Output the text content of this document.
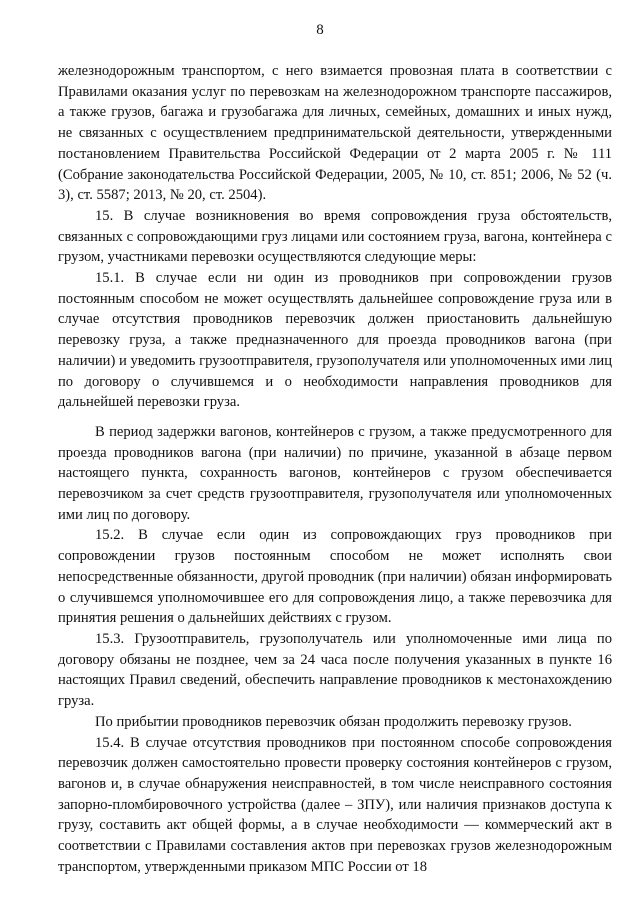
8

железнодорожным транспортом, с него взимается провозная плата в соответствии с Правилами оказания услуг по перевозкам на железнодорожном транспорте пассажиров, а также грузов, багажа и грузобагажа для личных, семейных, домашних и иных нужд, не связанных с осуществлением предпринимательской деятельности, утвержденными постановлением Правительства Российской Федерации от 2 марта 2005 г. № 111 (Собрание законодательства Российской Федерации, 2005, № 10, ст. 851; 2006, № 52 (ч. 3), ст. 5587; 2013, № 20, ст. 2504).

15. В случае возникновения во время сопровождения груза обстоятельств, связанных с сопровождающими груз лицами или состоянием груза, вагона, контейнера с грузом, участниками перевозки осуществляются следующие меры:

15.1. В случае если ни один из проводников при сопровождении грузов постоянным способом не может осуществлять дальнейшее сопровождение груза или в случае отсутствия проводников перевозчик должен приостановить дальнейшую перевозку груза, а также предназначенного для проезда проводников вагона (при наличии) и уведомить грузоотправителя, грузополучателя или уполномоченных ими лиц по договору о случившемся и о необходимости направления проводников для дальнейшей перевозки груза.

В период задержки вагонов, контейнеров с грузом, а также предусмотренного для проезда проводников вагона (при наличии) по причине, указанной в абзаце первом настоящего пункта, сохранность вагонов, контейнеров с грузом обеспечивается перевозчиком за счет средств грузоотправителя, грузополучателя или уполномоченных ими лиц по договору.

15.2. В случае если один из сопровождающих груз проводников при сопровождении грузов постоянным способом не может исполнять свои непосредственные обязанности, другой проводник (при наличии) обязан информировать о случившемся уполномочившее его для сопровождения лицо, а также перевозчика для принятия решения о дальнейших действиях с грузом.

15.3. Грузоотправитель, грузополучатель или уполномоченные ими лица по договору обязаны не позднее, чем за 24 часа после получения указанных в пункте 16 настоящих Правил сведений, обеспечить направление проводников к местонахождению груза.

По прибытии проводников перевозчик обязан продолжить перевозку грузов.

15.4. В случае отсутствия проводников при постоянном способе сопровождения перевозчик должен самостоятельно провести проверку состояния контейнеров с грузом, вагонов и, в случае обнаружения неисправностей, в том числе неисправного состояния запорно-пломбировочного устройства (далее – ЗПУ), или наличия признаков доступа к грузу, составить акт общей формы, а в случае необходимости — коммерческий акт в соответствии с Правилами составления актов при перевозках грузов железнодорожным транспортом, утвержденными приказом МПС России от 18
